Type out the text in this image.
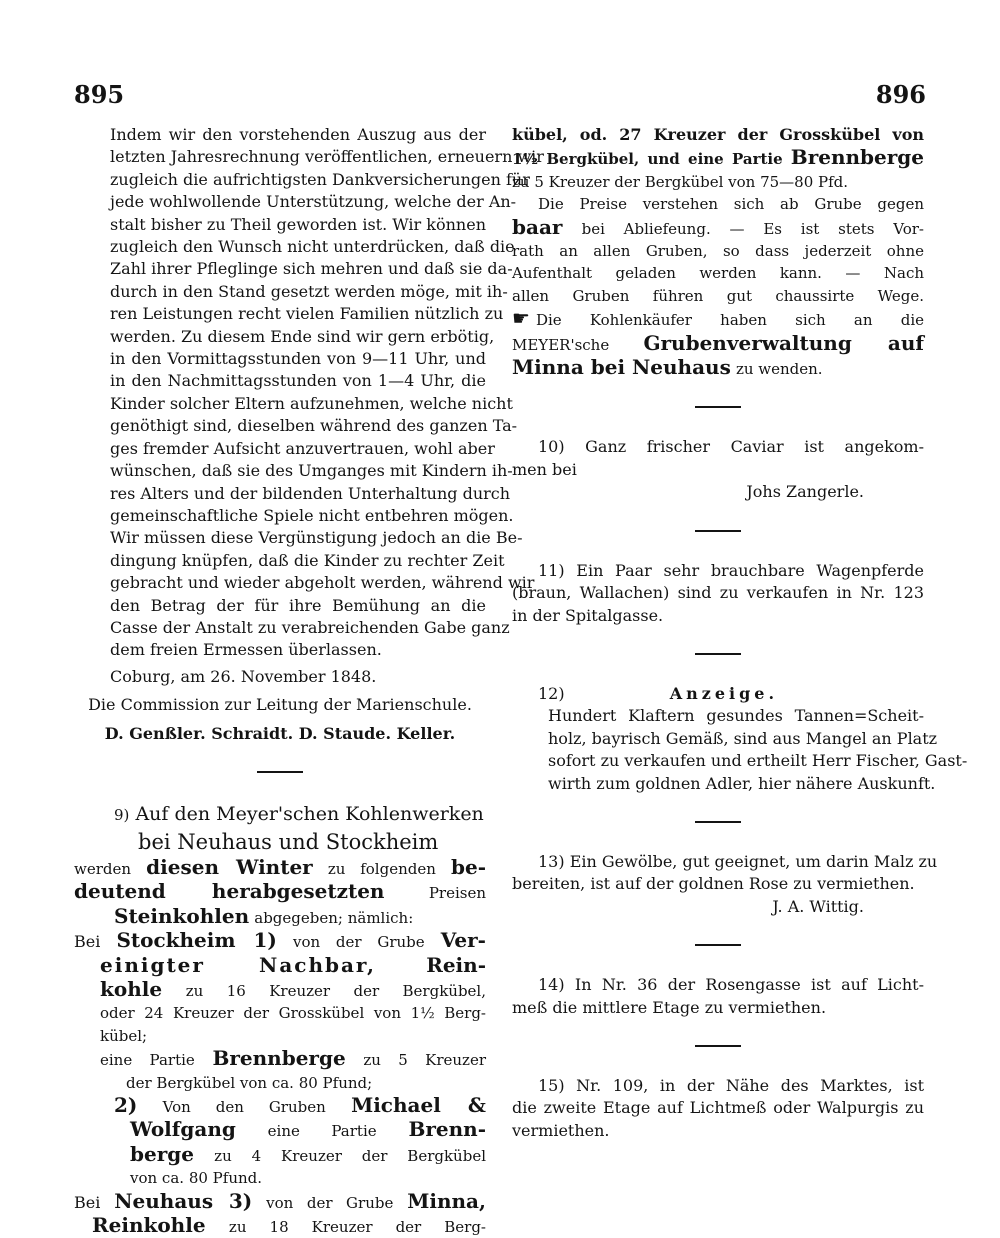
895	896

Indem wir den vorstehenden Auszug aus der
letzten Jahresrechnung veröffentlichen, erneuern wir
zugleich die aufrichtigsten Dankversicherungen für
jede wohlwollende Unterstützung, welche der An-
stalt bisher zu Theil geworden ist. Wir können
zugleich den Wunsch nicht unterdrücken, daß die
Zahl ihrer Pfleglinge sich mehren und daß sie da-
durch in den Stand gesetzt werden möge, mit ih-
ren Leistungen recht vielen Familien nützlich zu
werden. Zu diesem Ende sind wir gern erbötig,
in den Vormittagsstunden von 9—11 Uhr, und
in den Nachmittagsstunden von 1—4 Uhr, die
Kinder solcher Eltern aufzunehmen, welche nicht
genöthigt sind, dieselben während des ganzen Ta-
ges fremder Aufsicht anzuvertrauen, wohl aber
wünschen, daß sie des Umganges mit Kindern ih-
res Alters und der bildenden Unterhaltung durch
gemeinschaftliche Spiele nicht entbehren mögen.
Wir müssen diese Vergünstigung jedoch an die Be-
dingung knüpfen, daß die Kinder zu rechter Zeit
gebracht und wieder abgeholt werden, während wir
den Betrag der für ihre Bemühung an die
Casse der Anstalt zu verabreichenden Gabe ganz
dem freien Ermessen überlassen.

Coburg, am 26. November 1848.

Die Commission zur Leitung der Marienschule.

D. Genßler. Schraidt. D. Staude. Keller.

9) Auf den Meyer'schen Kohlenwerken

bei Neuhaus und Stockheim

werden diesen Winter zu folgenden be-
deutend herabgesetzten	Preisen
Steinkohlen abgegeben; nämlich:
Bei Stockheim 1) von der Grube Ver-
einigter Nachbar,	Rein-
kohle zu 16 Kreuzer der Bergkübel,
oder 24 Kreuzer der Grosskübel von 1½ Berg-
kübel;
eine Partie Brennberge zu 5 Kreuzer
der Bergkübel von ca. 80 Pfund;
2) Von den Gruben Michael &
Wolfgang eine Partie Brenn-
berge zu 4 Kreuzer der Bergkübel
von ca. 80 Pfund.
Bei Neuhaus 3) von der Grube Minna,
Reinkohle zu 18 Kreuzer der Berg-

kübel, od. 27 Kreuzer der Grosskübel von
1½ Bergkübel, und eine Partie Brennberge
zu 5 Kreuzer der Bergkübel von 75—80 Pfd.
Die Preise verstehen sich ab Grube gegen
baar bei Abliefeung. — Es ist stets Vor-
rath an allen Gruben, so dass jederzeit ohne
Aufenthalt geladen werden kann. — Nach
allen Gruben führen gut chaussirte Wege.
☛ Die Kohlenkäufer haben sich an die
MEYER'sche Grubenverwaltung auf
Minna bei Neuhaus zu wenden.

10) Ganz frischer Caviar ist angekom-

men bei

Johs Zangerle.

11) Ein Paar sehr brauchbare Wagenpferde
(braun, Wallachen) sind zu verkaufen in Nr. 123
in der Spitalgasse.

12)	Anzeige.

Hundert Klaftern gesundes Tannen=Scheit-
holz, bayrisch Gemäß, sind aus Mangel an Platz
sofort zu verkaufen und ertheilt Herr Fischer, Gast-
wirth zum goldnen Adler, hier nähere Auskunft.

13) Ein Gewölbe, gut geeignet, um darin Malz zu
bereiten, ist auf der goldnen Rose zu vermiethen.

J. A. Wittig.

14) In Nr. 36 der Rosengasse ist auf Licht-
meß die mittlere Etage zu vermiethen.

15) Nr. 109, in der Nähe des Marktes, ist
die zweite Etage auf Lichtmeß oder Walpurgis zu
vermiethen.
